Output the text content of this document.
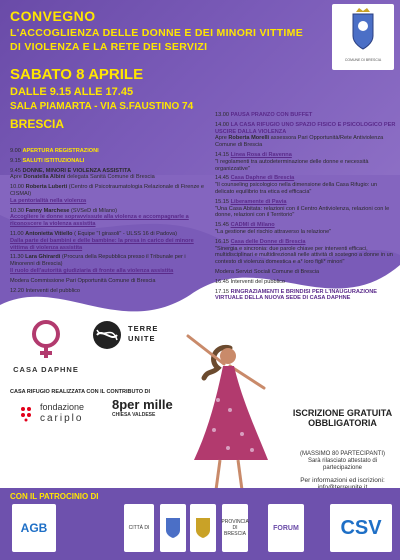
CONVEGNO
L'ACCOGLIENZA DELLE DONNE E DEI MINORI VITTIME DI VIOLENZA E LA RETE DEI SERVIZI
SABATO 8 APRILE
DALLE 9.15 ALLE 17.45
SALA PIAMARTA - VIA S.FAUSTINO 74
BRESCIA
COMUNE DI BRESCIA
9.00 APERTURA REGISTRAZIONI
9.15 SALUTI ISTITUZIONALI
9.45 DONNE, MINORI E VIOLENZA ASSISTITA
Apre Donatella Albini delegata Sanità Comune di Brescia
10.00 Roberta Luberti (Centro di Psicotraumatologia Relazionale di Firenze e CISMAI)
La pentorialità nella violenza
10.30 Fanny Marchese (SVSeD di Milano)
Accogliere le donne sopravvissute alla violenza e accompagnarle a riconoscere la violenza assistita
11.00 Antonietta Vitiello ( Equipe "I girasoli" - ULSS 16 di Padova)
Dalla parte dei bambini e delle bambine: la presa in carico dei minore vittima di violenza assistita
11.30 Lara Ghirardi (Procura della Repubblica presso il Tribunale per i Minorenni di Brescia)
Il ruolo dell'autorità giudiziaria di fronte alla violenza assistita
Modera Commissione Pari Opportunità Comune di Brescia
12.20 Interventi del pubblico
13.00 PAUSA PRANZO CON BUFFET
14.00 LA CASA RIFUGIO UNO SPAZIO FISICO E PSICOLOGICO PER USCIRE DALLA VIOLENZA
Apre Roberta Morelli assessora Pari Opportunità/Rete Antiviolenza Comune di Brescia
14.15 Linea Rosa di Ravenna
"I regolamenti tra autodeterminazione delle donne e necessità organizzative"
14.45 Casa Daphne di Brescia
"Il counseling psicologico nella dimensione della Casa Rifugio: un delicato equilibrio tra etica ed efficacia"
15.15 Liberamente di Pavia
"Una Casa Abitata: relazioni con il Centro Antiviolenza, relazioni con le donne, relazioni con il Territorio"
15.45 CADMI di Milano
"La gestione del rischio attraverso la relazione"
16.15 Casa delle Donne di Brescia
"Sinergia e sincronia: due parole chiave per interventi efficaci, multidisciplinari e multidirezionali nelle attività di sostegno a donne in un contesto di violenza domestica e a* loro figli* minori"
Modera Servizi Sociali Comune di Brescia
16.45 Interventi del pubblico
17.15 RINGRAZIAMENTI E BRINDISI PER L'INAUGURAZIONE VIRTUALE DELLA NUOVA SEDE DI CASA DAPHNE
CASA DAPHNE
TERRE UNITE
CASA RIFUGIO REALIZZATA CON IL CONTRIBUTO DI
fondazione
cariplo
8per mille
CHIESA VALDESE	ISCRIZIONE GRATUITA OBBLIGATORIA
(MASSIMO 80 PARTECIPANTI)
Sarà rilasciato attestato di partecipazione
Per informazioni ed iscrizioni:
CON IL PATROCINIO DI
AGB	CITTÀ DI
PROVINCIA DI BRESCIA
FORUM	CSV
